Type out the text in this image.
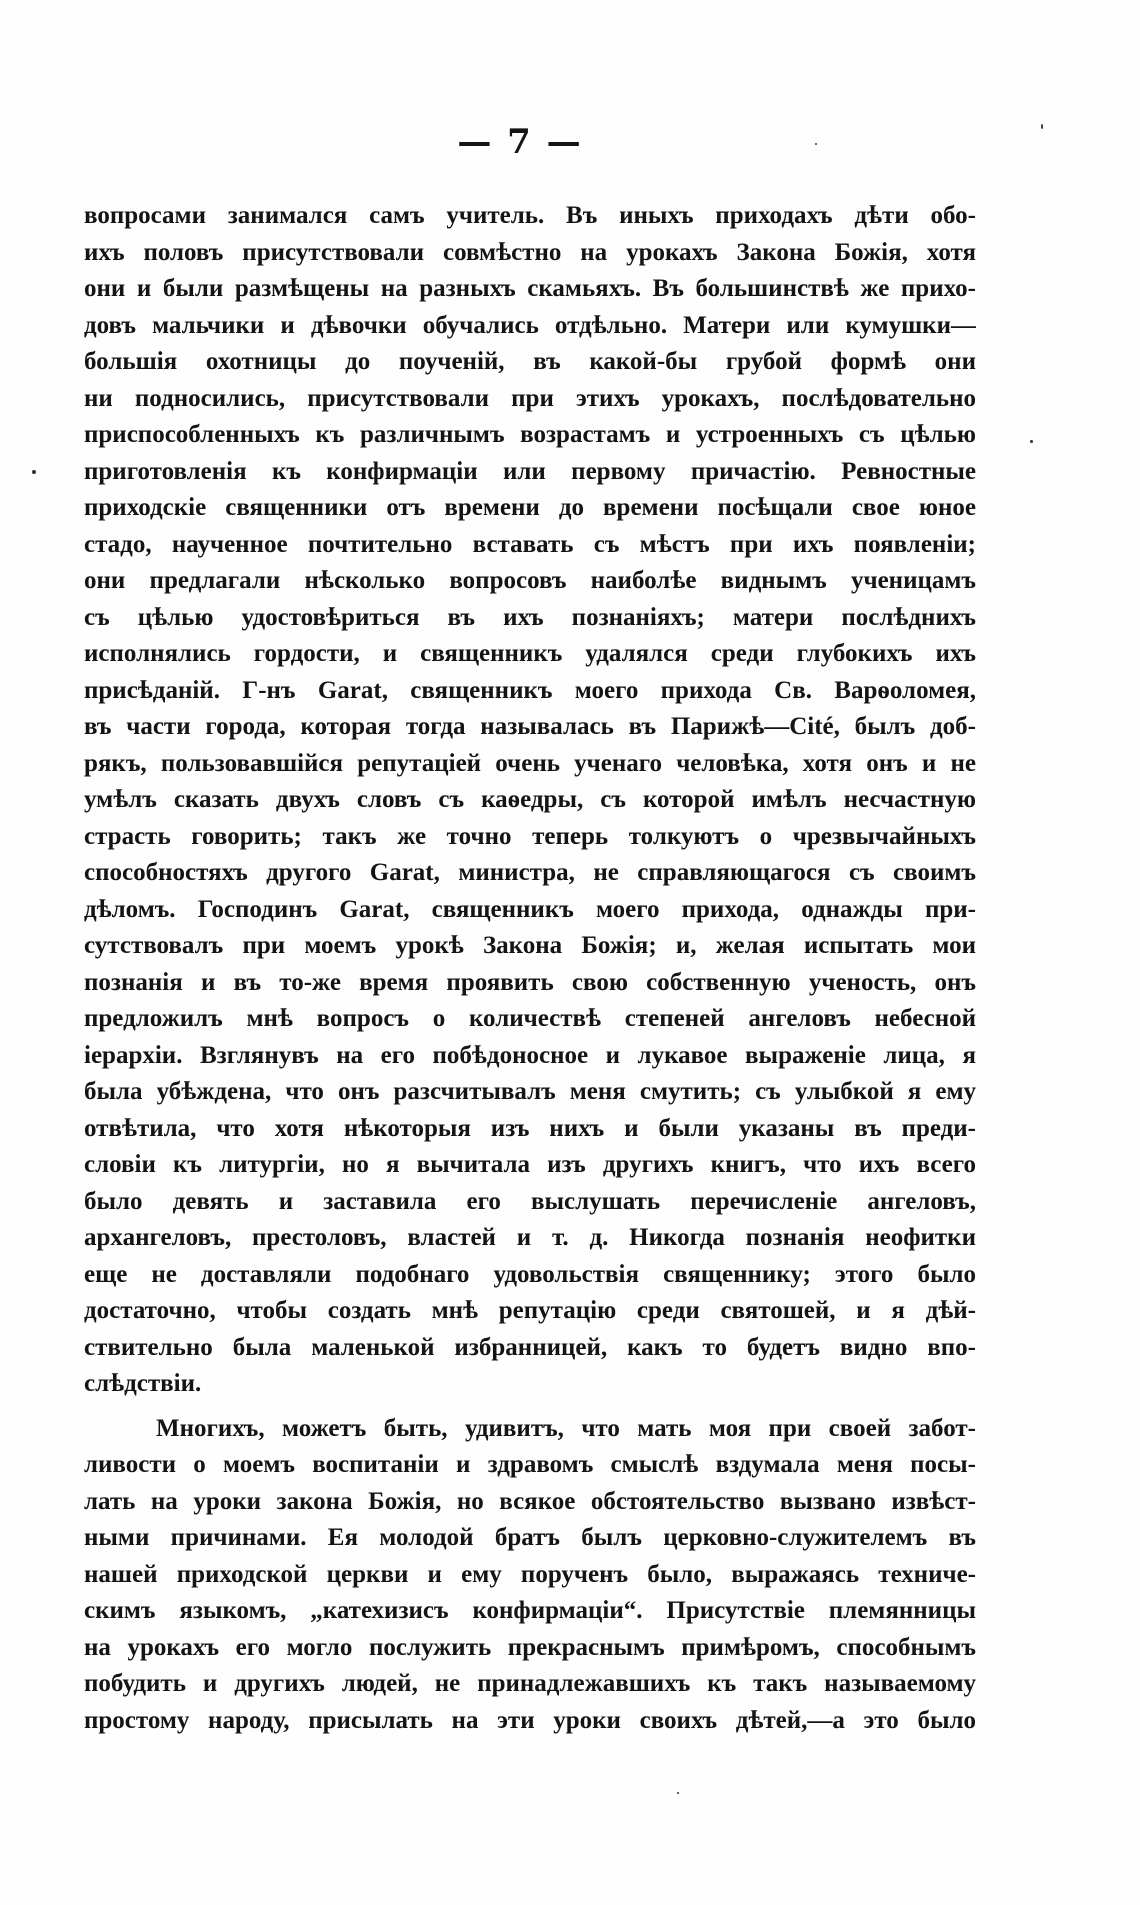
— 7 —
вопросами занимался самъ учитель. Въ иныхъ приходахъ дѣти обо-
ихъ половъ присутствовали совмѣстно на урокахъ Закона Божія, хотя
они и были размѣщены на разныхъ скамьяхъ. Въ большинствѣ же прихо-
довъ мальчики и дѣвочки обучались отдѣльно. Матери или кумушки—
большія охотницы до поученій, въ какой-бы грубой формѣ они
ни подносились, присутствовали при этихъ урокахъ, послѣдовательно
приспособленныхъ къ различнымъ возрастамъ и устроенныхъ съ цѣлью
приготовленія къ конфирмаціи или первому причастію. Ревностные
приходскіе священники отъ времени до времени посѣщали свое юное
стадо, наученное почтительно вставать съ мѣстъ при ихъ появленіи;
они предлагали нѣсколько вопросовъ наиболѣе виднымъ ученицамъ
съ цѣлью удостовѣриться въ ихъ познаніяхъ; матери послѣднихъ
исполнялись гордости, и священникъ удалялся среди глубокихъ ихъ
присѣданій. Г-нъ Garat, священникъ моего прихода Св. Варѳоломея,
въ части города, которая тогда называлась въ Парижѣ—Cité, былъ доб-
рякъ, пользовавшійся репутаціей очень ученаго человѣка, хотя онъ и не
умѣлъ сказать двухъ словъ съ каѳедры, съ которой имѣлъ несчастную
страсть говорить; такъ же точно теперь толкуютъ о чрезвычайныхъ
способностяхъ другого Garat, министра, не справляющагося съ своимъ
дѣломъ. Господинъ Garat, священникъ моего прихода, однажды при-
сутствовалъ при моемъ урокѣ Закона Божія; и, желая испытать мои
познанія и въ то-же время проявить свою собственную ученость, онъ
предложилъ мнѣ вопросъ о количествѣ степеней ангеловъ небесной
іерархіи. Взглянувъ на его побѣдоносное и лукавое выраженіе лица, я
была убѣждена, что онъ разсчитывалъ меня смутить; съ улыбкой я ему
отвѣтила, что хотя нѣкоторыя изъ нихъ и были указаны въ преди-
словіи къ литургіи, но я вычитала изъ другихъ книгъ, что ихъ всего
было девять и заставила его выслушать перечисленіе ангеловъ,
архангеловъ, престоловъ, властей и т. д. Никогда познанія неофитки
еще не доставляли подобнаго удовольствія священнику; этого было
достаточно, чтобы создать мнѣ репутацію среди святошей, и я дѣй-
ствительно была маленькой избранницей, какъ то будетъ видно впо-
слѣдствіи.
Многихъ, можетъ быть, удивитъ, что мать моя при своей забот-
ливости о моемъ воспитаніи и здравомъ смыслѣ вздумала меня посы-
лать на уроки закона Божія, но всякое обстоятельство вызвано извѣст-
ными причинами. Ея молодой братъ былъ церковно-служителемъ въ
нашей приходской церкви и ему порученъ было, выражаясь техниче-
скимъ языкомъ, „катехизисъ конфирмаціи“. Присутствіе племянницы
на урокахъ его могло послужить прекраснымъ примѣромъ, способнымъ
побудить и другихъ людей, не принадлежавшихъ къ такъ называемому
простому народу, присылать на эти уроки своихъ дѣтей,—а это было
